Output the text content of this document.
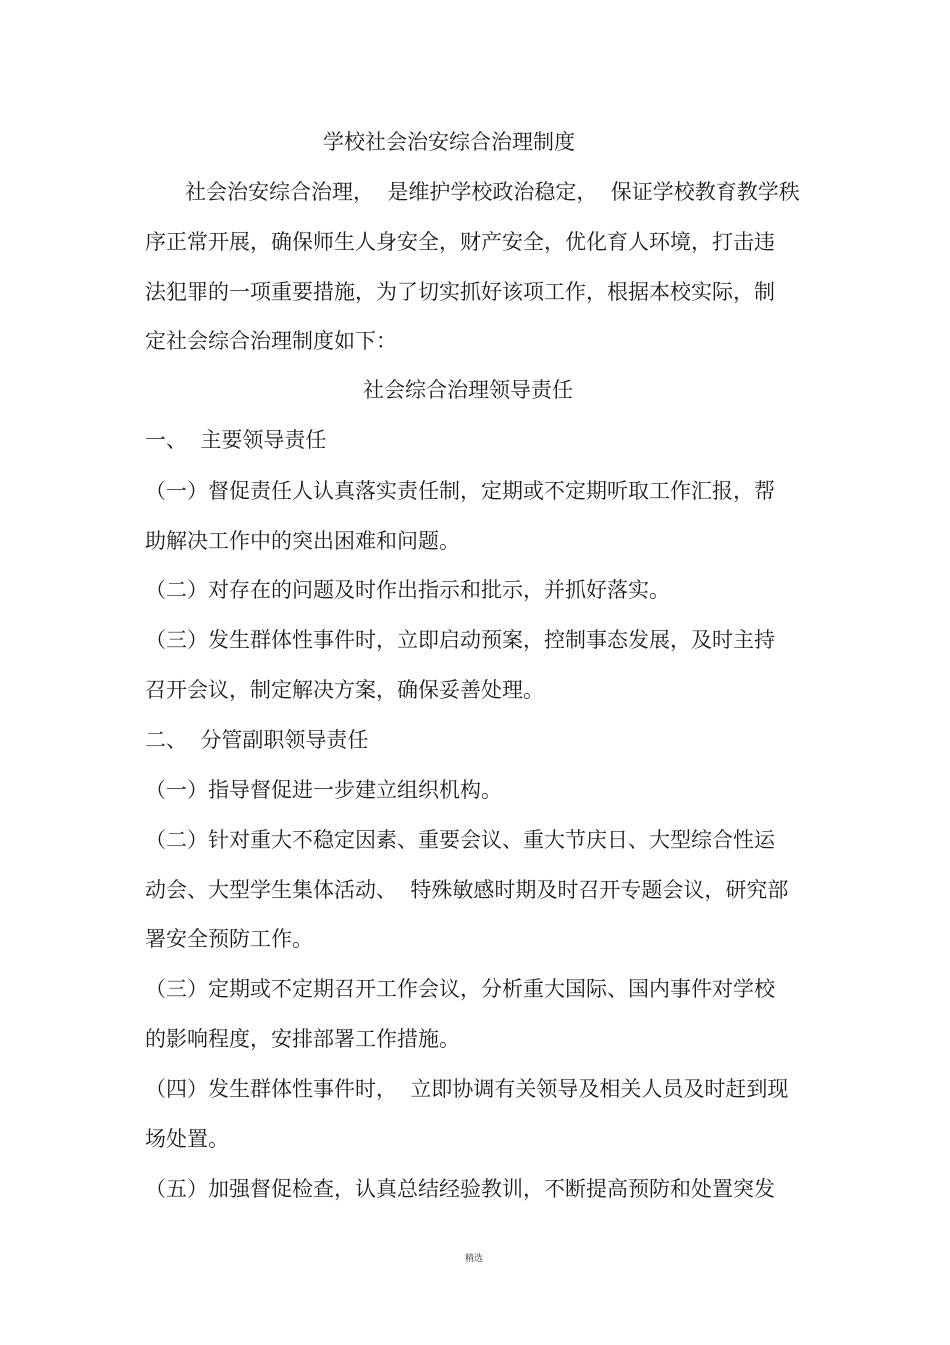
学校社会治安综合治理制度
社会治安综合治理，  是维护学校政治稳定，  保证学校教育教学秩
序正常开展，确保师生人身安全，财产安全，优化育人环境，打击违
法犯罪的一项重要措施，为了切实抓好该项工作，根据本校实际，制
定社会综合治理制度如下：
社会综合治理领导责任
一、  主要领导责任
（一）督促责任人认真落实责任制，定期或不定期听取工作汇报，帮
助解决工作中的突出困难和问题。
（二）对存在的问题及时作出指示和批示，并抓好落实。
（三）发生群体性事件时，立即启动预案，控制事态发展，及时主持
召开会议，制定解决方案，确保妥善处理。
二、  分管副职领导责任
（一）指导督促进一步建立组织机构。
（二）针对重大不稳定因素、重要会议、重大节庆日、大型综合性运
动会、大型学生集体活动、  特殊敏感时期及时召开专题会议，研究部
署安全预防工作。
（三）定期或不定期召开工作会议，分析重大国际、国内事件对学校
的影响程度，安排部署工作措施。
（四）发生群体性事件时，  立即协调有关领导及相关人员及时赶到现
场处置。
（五）加强督促检查，认真总结经验教训，不断提高预防和处置突发
精选
